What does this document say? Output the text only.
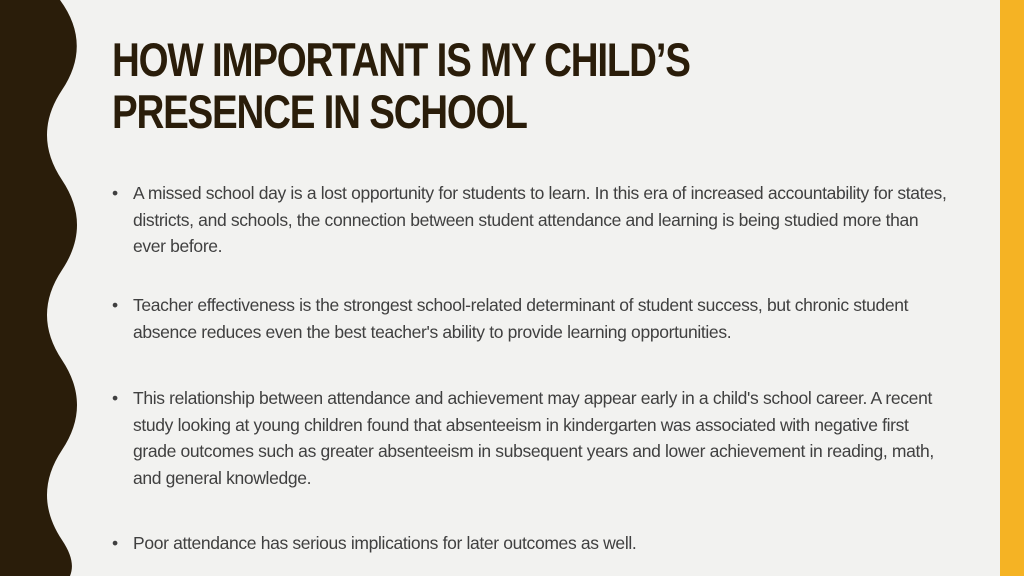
HOW IMPORTANT IS MY CHILD’S PRESENCE IN SCHOOL
• A missed school day is a lost opportunity for students to learn. In this era of increased accountability for states, districts, and schools, the connection between student attendance and learning is being studied more than ever before.
• Teacher effectiveness is the strongest school-related determinant of student success, but chronic student absence reduces even the best teacher's ability to provide learning opportunities.
• This relationship between attendance and achievement may appear early in a child's school career. A recent study looking at young children found that absenteeism in kindergarten was associated with negative first grade outcomes such as greater absenteeism in subsequent years and lower achievement in reading, math, and general knowledge.
• Poor attendance has serious implications for later outcomes as well.
